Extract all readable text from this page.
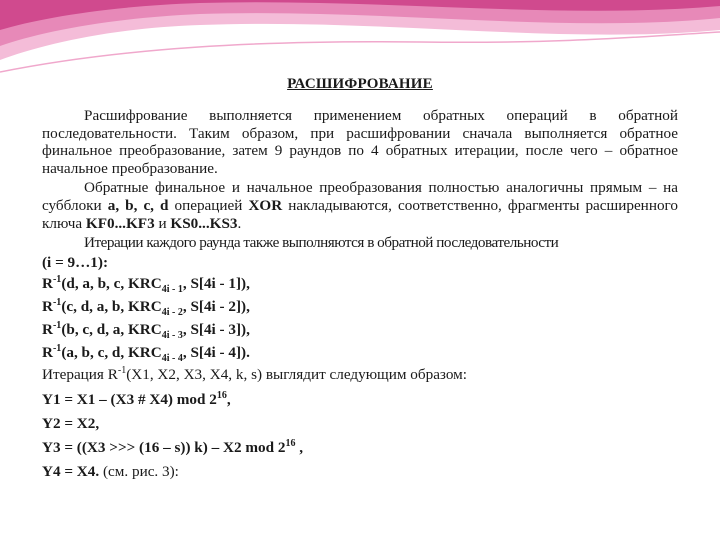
РАСШИФРОВАНИЕ

Расшифрование выполняется применением обратных операций в обратной последовательности. Таким образом, при расшифровании сначала выполняется обратное финальное преобразование, затем 9 раундов по 4 обратных итерации, после чего – обратное начальное преобразование.

Обратные финальное и начальное преобразования полностью аналогичны прямым – на субблоки a, b, c, d операцией XOR накладываются, соответственно, фрагменты расширенного ключа KF0...KF3 и KS0...KS3.

Итерации каждого раунда также выполняются в обратной последовательности

(i = 9…1):

$R^{-1}(d$, a, b, c, $KRC_{4i - 1}$, S[4i - 1]),

$R^{-1}(c$, d, a, b, $KRC_{4i - 2}$, S[4i - 2]),

$R^{-1}(b$, c, d, a, $KRC_{4i - 3}$, S[4i - 3]),

$R^{-1}(a$, b, c, d, $KRC_{4i - 4}$, S[4i - 4]).

Итерация $R^{-1}(X1$, X2, X3, X4, k, s) выглядит следующим образом:

Y1 = X1 – (X3 # X4) mod $2^{16}$,

Y2 = X2,

Y3 = ((X3 >>> (16 – s)) k) – X2 mod $2^{16}$ ,

Y4 = X4. (см. рис. 3):
